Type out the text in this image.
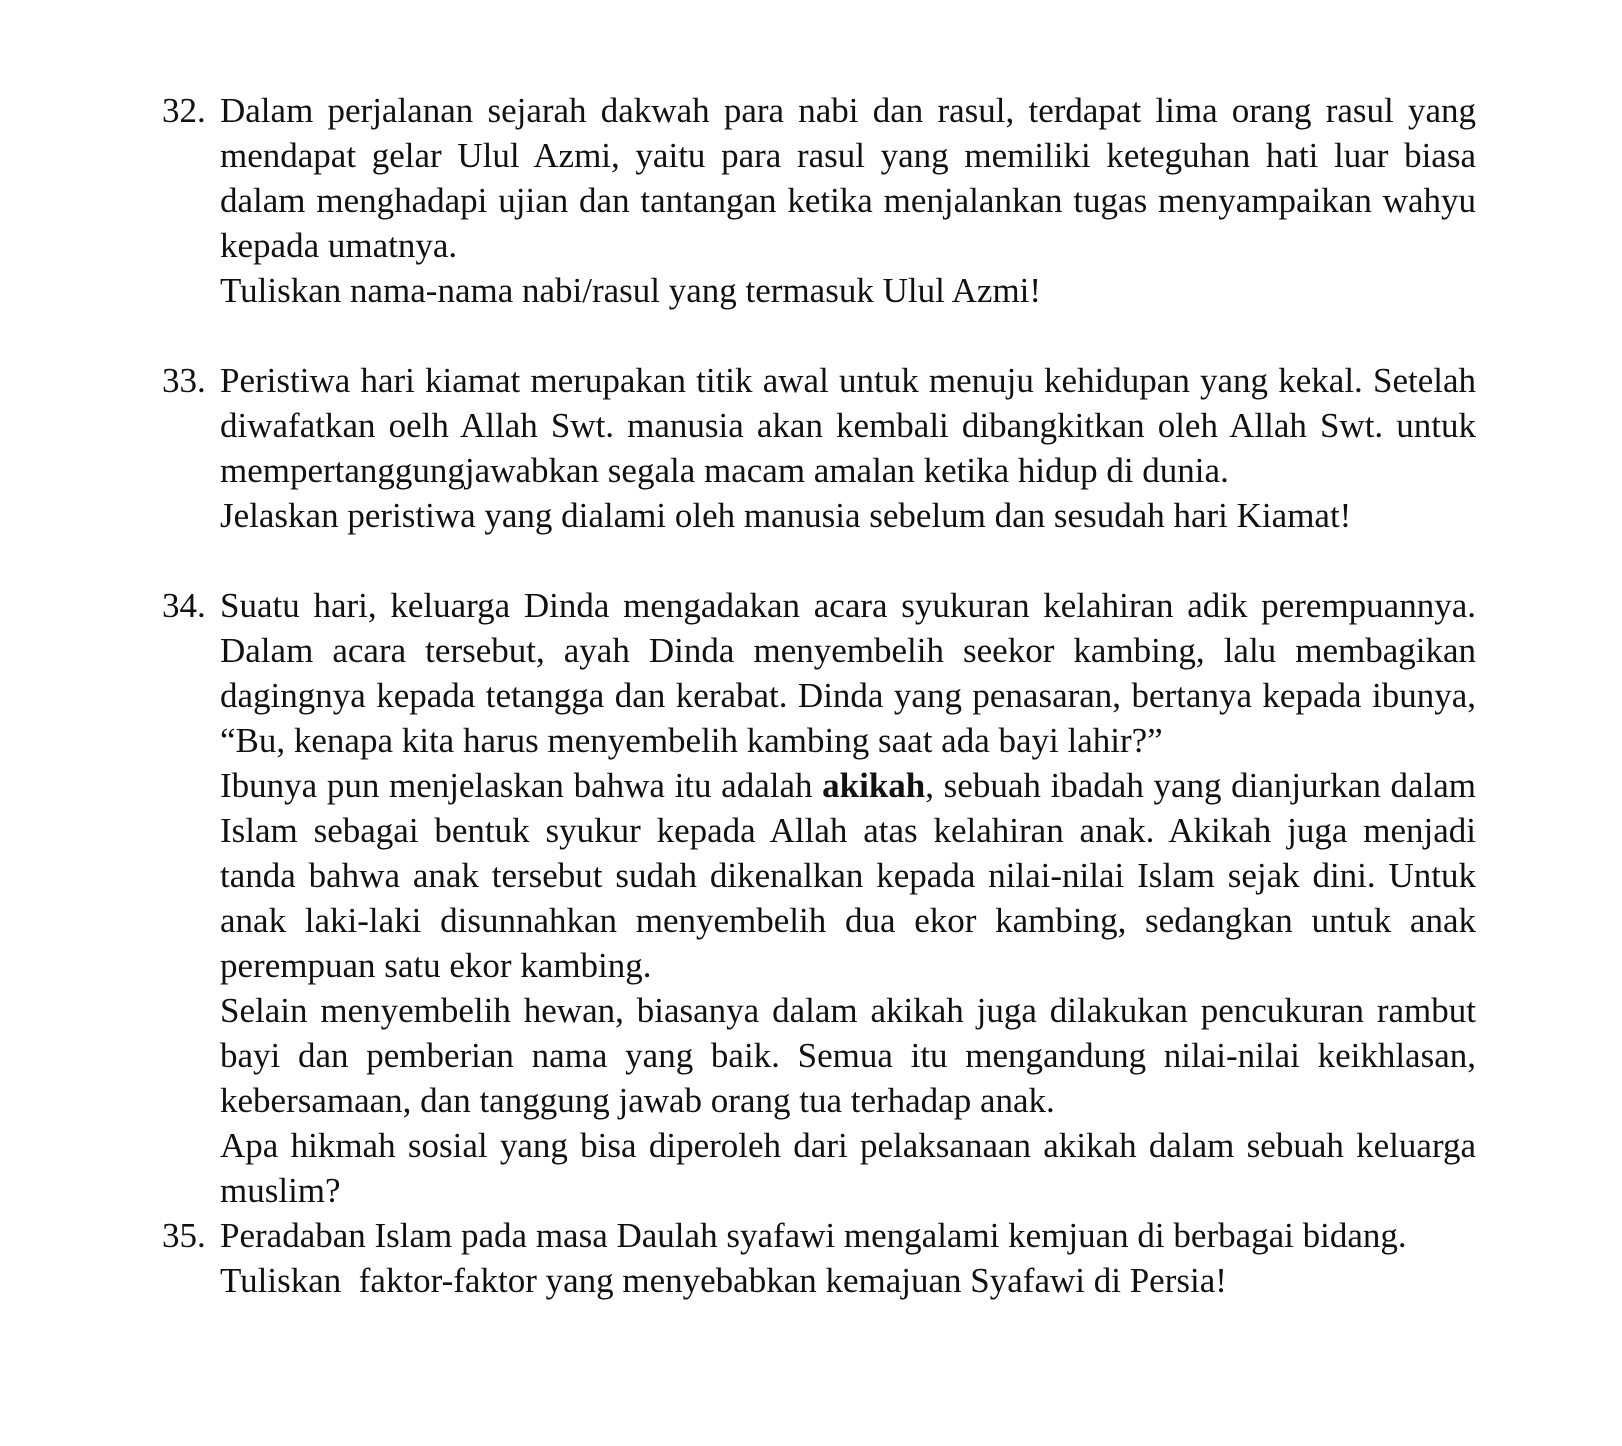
32. Dalam perjalanan sejarah dakwah para nabi dan rasul, terdapat lima orang rasul yang mendapat gelar Ulul Azmi, yaitu para rasul yang memiliki keteguhan hati luar biasa dalam menghadapi ujian dan tantangan ketika menjalankan tugas menyampaikan wahyu kepada umatnya.

Tuliskan nama-nama nabi/rasul yang termasuk Ulul Azmi!

33. Peristiwa hari kiamat merupakan titik awal untuk menuju kehidupan yang kekal. Setelah diwafatkan oelh Allah Swt. manusia akan kembali dibangkitkan oleh Allah Swt. untuk mempertanggungjawabkan segala macam amalan ketika hidup di dunia.

Jelaskan peristiwa yang dialami oleh manusia sebelum dan sesudah hari Kiamat!

34. Suatu hari, keluarga Dinda mengadakan acara syukuran kelahiran adik perempuannya. Dalam acara tersebut, ayah Dinda menyembelih seekor kambing, lalu membagikan dagingnya kepada tetangga dan kerabat. Dinda yang penasaran, bertanya kepada ibunya, “Bu, kenapa kita harus menyembelih kambing saat ada bayi lahir?”

Ibunya pun menjelaskan bahwa itu adalah akikah, sebuah ibadah yang dianjurkan dalam Islam sebagai bentuk syukur kepada Allah atas kelahiran anak. Akikah juga menjadi tanda bahwa anak tersebut sudah dikenalkan kepada nilai-nilai Islam sejak dini. Untuk anak laki-laki disunnahkan menyembelih dua ekor kambing, sedangkan untuk anak perempuan satu ekor kambing.

Selain menyembelih hewan, biasanya dalam akikah juga dilakukan pencukuran rambut bayi dan pemberian nama yang baik. Semua itu mengandung nilai-nilai keikhlasan, kebersamaan, dan tanggung jawab orang tua terhadap anak.

Apa hikmah sosial yang bisa diperoleh dari pelaksanaan akikah dalam sebuah keluarga muslim?

35. Peradaban Islam pada masa Daulah syafawi mengalami kemjuan di berbagai bidang.

Tuliskan  faktor-faktor yang menyebabkan kemajuan Syafawi di Persia!
